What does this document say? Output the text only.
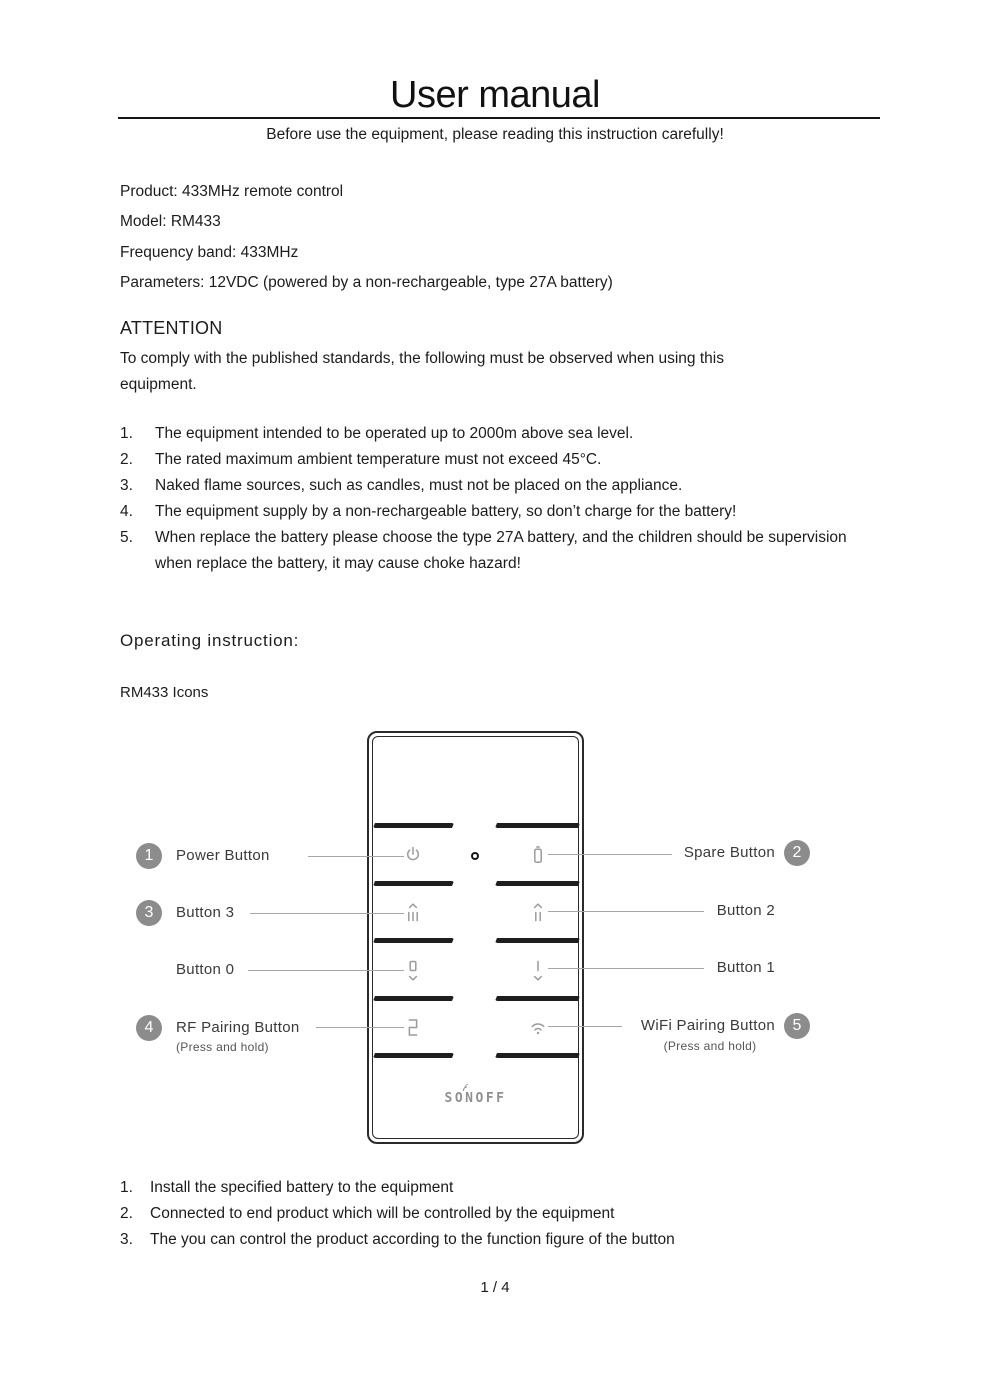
User manual
Before use the equipment, please reading this instruction carefully!
Product: 433MHz remote control
Model: RM433
Frequency band: 433MHz
Parameters: 12VDC (powered by a non-rechargeable, type 27A battery)
ATTENTION
To comply with the published standards, the following must be observed when using this
equipment.
1.	The equipment intended to be operated up to 2000m above sea level.
2.	The rated maximum ambient temperature must not exceed 45°C.
3.	Naked flame sources, such as candles, must not be placed on the appliance.
4.	The equipment supply by a non-rechargeable battery, so don’t charge for the battery!
5.	When replace the battery please choose the type 27A battery, and the children should be supervision when replace the battery, it may cause choke hazard!
Operating instruction:
RM433 Icons
SONOFF
1	Power Button
3	Button 3
Button 0
4	RF Pairing Button
(Press and hold)
Spare Button	2
Button 2
Button 1
WiFi Pairing Button	5
(Press and hold)
1.	Install the specified battery to the equipment
2.	Connected to end product which will be controlled by the equipment
3.	The you can control the product according to the function figure of the button
1 / 4
